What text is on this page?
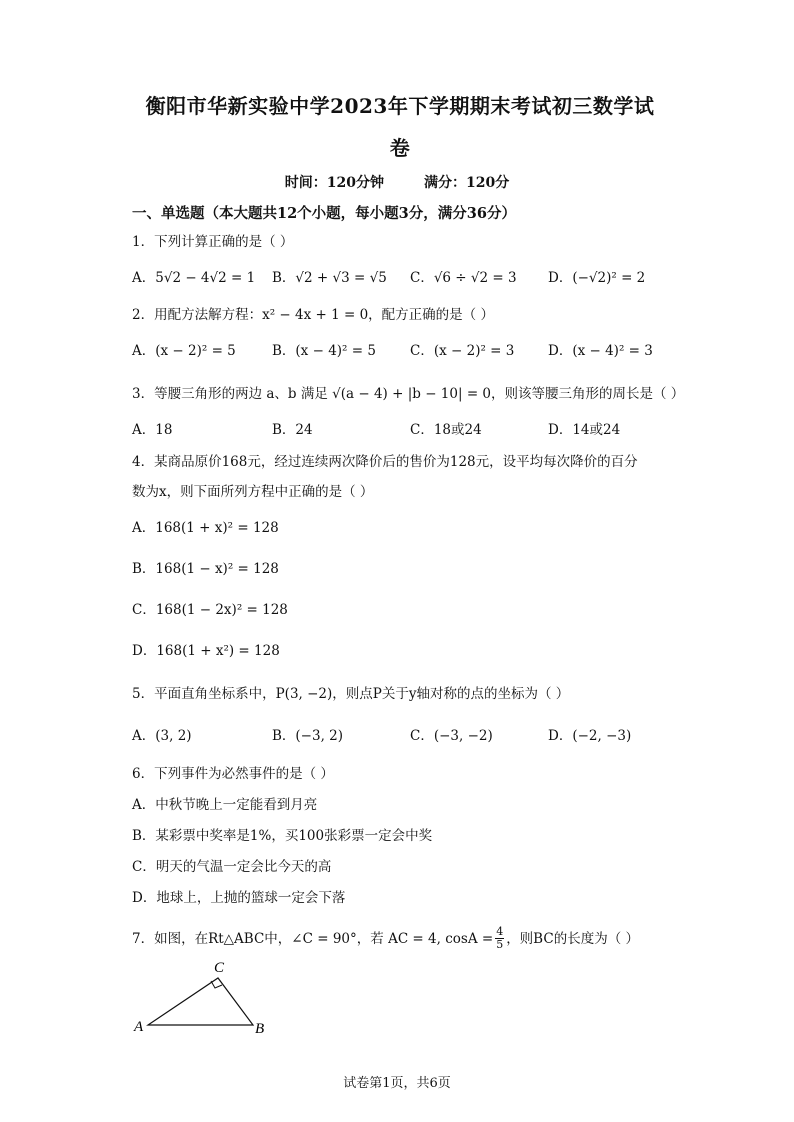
衡阳市华新实验中学2023年下学期期末考试初三数学试
卷
时间：120分钟	满分：120分
一、单选题（本大题共12个小题，每小题3分，满分36分）
1．下列计算正确的是（ ）
A．5√2 − 4√2 = 1 B．√2 + √3 = √5 C．√6 ÷ √2 = 3 D．(−√2)² = 2
2．用配方法解方程：x² − 4x + 1 = 0，配方正确的是（ ）
A．(x − 2)² = 5	B．(x − 4)² = 5	C．(x − 2)² = 3 D．(x − 4)² = 3
3．等腰三角形的两边 a、b 满足 √(a − 4) + |b − 10| = 0，则该等腰三角形的周长是（ ）
A．18	B．24	C．18或24	D．14或24
4．某商品原价168元，经过连续两次降价后的售价为128元，设平均每次降价的百分
数为x，则下面所列方程中正确的是（ ）
A．168(1 + x)² = 128
B．168(1 − x)² = 128
C．168(1 − 2x)² = 128
D．168(1 + x²) = 128
5．平面直角坐标系中，P(3, −2)，则点P关于y轴对称的点的坐标为（ ）
A．(3, 2)	B．(−3, 2)	C．(−3, −2)	D．(−2, −3)
6．下列事件为必然事件的是（ ）
A．中秋节晚上一定能看到月亮
B．某彩票中奖率是1%，买100张彩票一定会中奖
C．明天的气温一定会比今天的高
D．地球上，上抛的篮球一定会下落
7．如图，在Rt△ABC中，∠C = 90°，若 AC = 4, $\cos A = \frac{4}{5}$ ，则BC的长度为（ ）
A	B
C
试卷第1页，共6页
